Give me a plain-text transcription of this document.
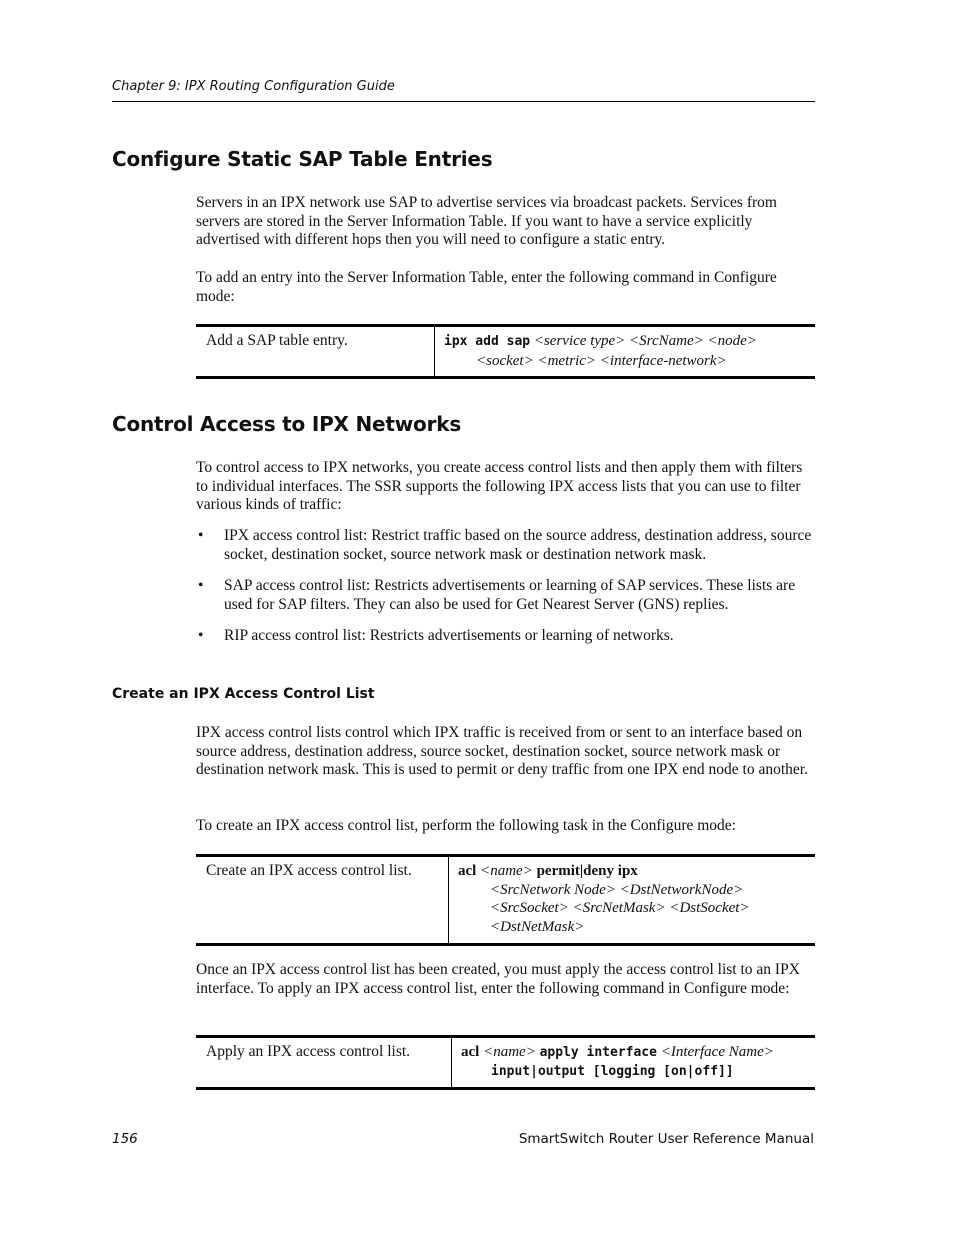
Chapter 9: IPX Routing Configuration Guide
Configure Static SAP Table Entries

Servers in an IPX network use SAP to advertise services via broadcast packets. Services from servers are stored in the Server Information Table. If you want to have a service explicitly advertised with different hops then you will need to configure a static entry.

To add an entry into the Server Information Table, enter the following command in Configure mode:

Add a SAP table entry.	ipx add sap <service type> <SrcName> <node>
<socket> <metric> <interface-network>
Control Access to IPX Networks

To control access to IPX networks, you create access control lists and then apply them with filters to individual interfaces. The SSR supports the following IPX access lists that you can use to filter various kinds of traffic:

• IPX access control list: Restrict traffic based on the source address, destination address, source socket, destination socket, source network mask or destination network mask.
• SAP access control list: Restricts advertisements or learning of SAP services. These lists are used for SAP filters. They can also be used for Get Nearest Server (GNS) replies.
• RIP access control list: Restricts advertisements or learning of networks.
Create an IPX Access Control List

IPX access control lists control which IPX traffic is received from or sent to an interface based on source address, destination address, source socket, destination socket, source network mask or destination network mask. This is used to permit or deny traffic from one IPX end node to another.

To create an IPX access control list, perform the following task in the Configure mode:

Create an IPX access control list.	acl <name> permit|deny ipx
<SrcNetwork Node> <DstNetworkNode>
<SrcSocket> <SrcNetMask> <DstSocket>
<DstNetMask>

Once an IPX access control list has been created, you must apply the access control list to an IPX interface. To apply an IPX access control list, enter the following command in Configure mode:

Apply an IPX access control list.	acl <name> apply interface <Interface Name>
input|output [logging [on|off]]
156	SmartSwitch Router User Reference Manual
